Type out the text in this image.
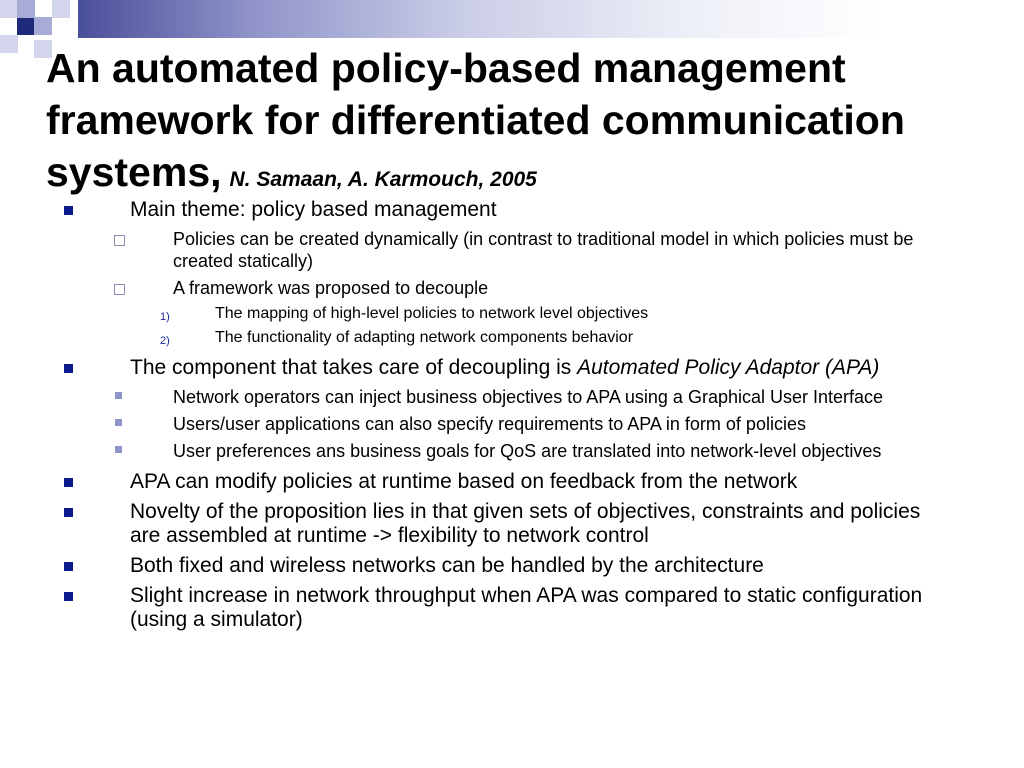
An automated policy-based management framework for differentiated communication systems, N. Samaan, A. Karmouch, 2005
Main theme: policy based management
Policies can be created dynamically (in contrast to traditional model in which policies must be created statically)
A framework was proposed to decouple
1)	The mapping of high-level policies to network level objectives
2)	The functionality of adapting network components behavior
The component that takes care of decoupling is Automated Policy Adaptor (APA)
Network operators can inject business objectives to APA using a Graphical User Interface
Users/user applications can also specify requirements to APA in form of policies
User preferences ans business goals for QoS are translated into network-level objectives
APA can modify policies at runtime based on feedback from the network
Novelty of the proposition lies in that given sets of objectives, constraints and policies are assembled at runtime -> flexibility to network control
Both fixed and wireless networks can be handled by the architecture
Slight increase in network throughput when APA was compared to static configuration (using a simulator)
